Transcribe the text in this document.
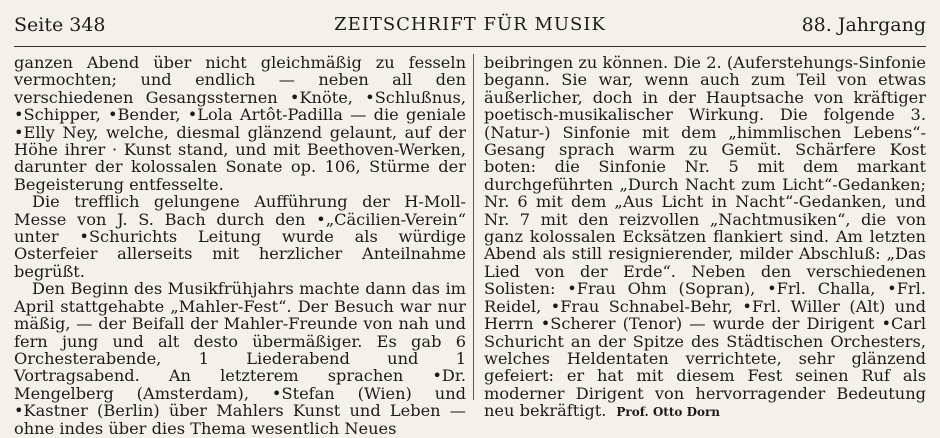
Seite 348	ZEITSCHRIFT FÜR MUSIK	88. Jahrgang

ganzen Abend über nicht gleichmäßig zu fesseln vermochten; und endlich — neben all den verschiedenen Gesangssternen •Knöte, •Schlußnus, •Schipper, •Bender, •Lola Artôt-Padilla — die geniale •Elly Ney, welche, diesmal glänzend gelaunt, auf der Höhe ihrer · Kunst stand, und mit Beethoven-Werken, darunter der kolossalen Sonate op. 106, Stürme der Begeisterung entfesselte.

Die trefflich gelungene Aufführung der H-Moll-Messe von J. S. Bach durch den •„Cäcilien-Verein“ unter •Schurichts Leitung wurde als würdige Osterfeier allerseits mit herzlicher Anteilnahme begrüßt.

Den Beginn des Musikfrühjahrs machte dann das im April stattgehabte „Mahler-Fest“. Der Besuch war nur mäßig, — der Beifall der Mahler-Freunde von nah und fern jung und alt desto übermäßiger. Es gab 6 Orchesterabende, 1 Liederabend und 1 Vortragsabend. An letzterem sprachen •Dr. Mengelberg (Amsterdam), •Stefan (Wien) und •Kastner (Berlin) über Mahlers Kunst und Leben — ohne indes über dies Thema wesentlich Neues

beibringen zu können. Die 2. (Auferstehungs-Sinfonie begann. Sie war, wenn auch zum Teil von etwas äußerlicher, doch in der Hauptsache von kräftiger poetisch-musikalischer Wirkung. Die folgende 3. (Natur-) Sinfonie mit dem „himmlischen Lebens“-Gesang sprach warm zu Gemüt. Schärfere Kost boten: die Sinfonie Nr. 5 mit dem markant durchgeführten „Durch Nacht zum Licht“-Gedanken; Nr. 6 mit dem „Aus Licht in Nacht“-Gedanken, und Nr. 7 mit den reizvollen „Nachtmusiken“, die von ganz kolossalen Ecksätzen flankiert sind. Am letzten Abend als still resignierender, milder Abschluß: „Das Lied von der Erde“. Neben den verschiedenen Solisten: •Frau Ohm (Sopran), •Frl. Challa, •Frl. Reidel, •Frau Schnabel-Behr, •Frl. Willer (Alt) und Herrn •Scherer (Tenor) — wurde der Dirigent •Carl Schuricht an der Spitze des Städtischen Orchesters, welches Heldentaten verrichtete, sehr glänzend gefeiert: er hat mit diesem Fest seinen Ruf als moderner Dirigent von hervorragender Bedeutung neu bekräftigt. Prof. Otto Dorn
